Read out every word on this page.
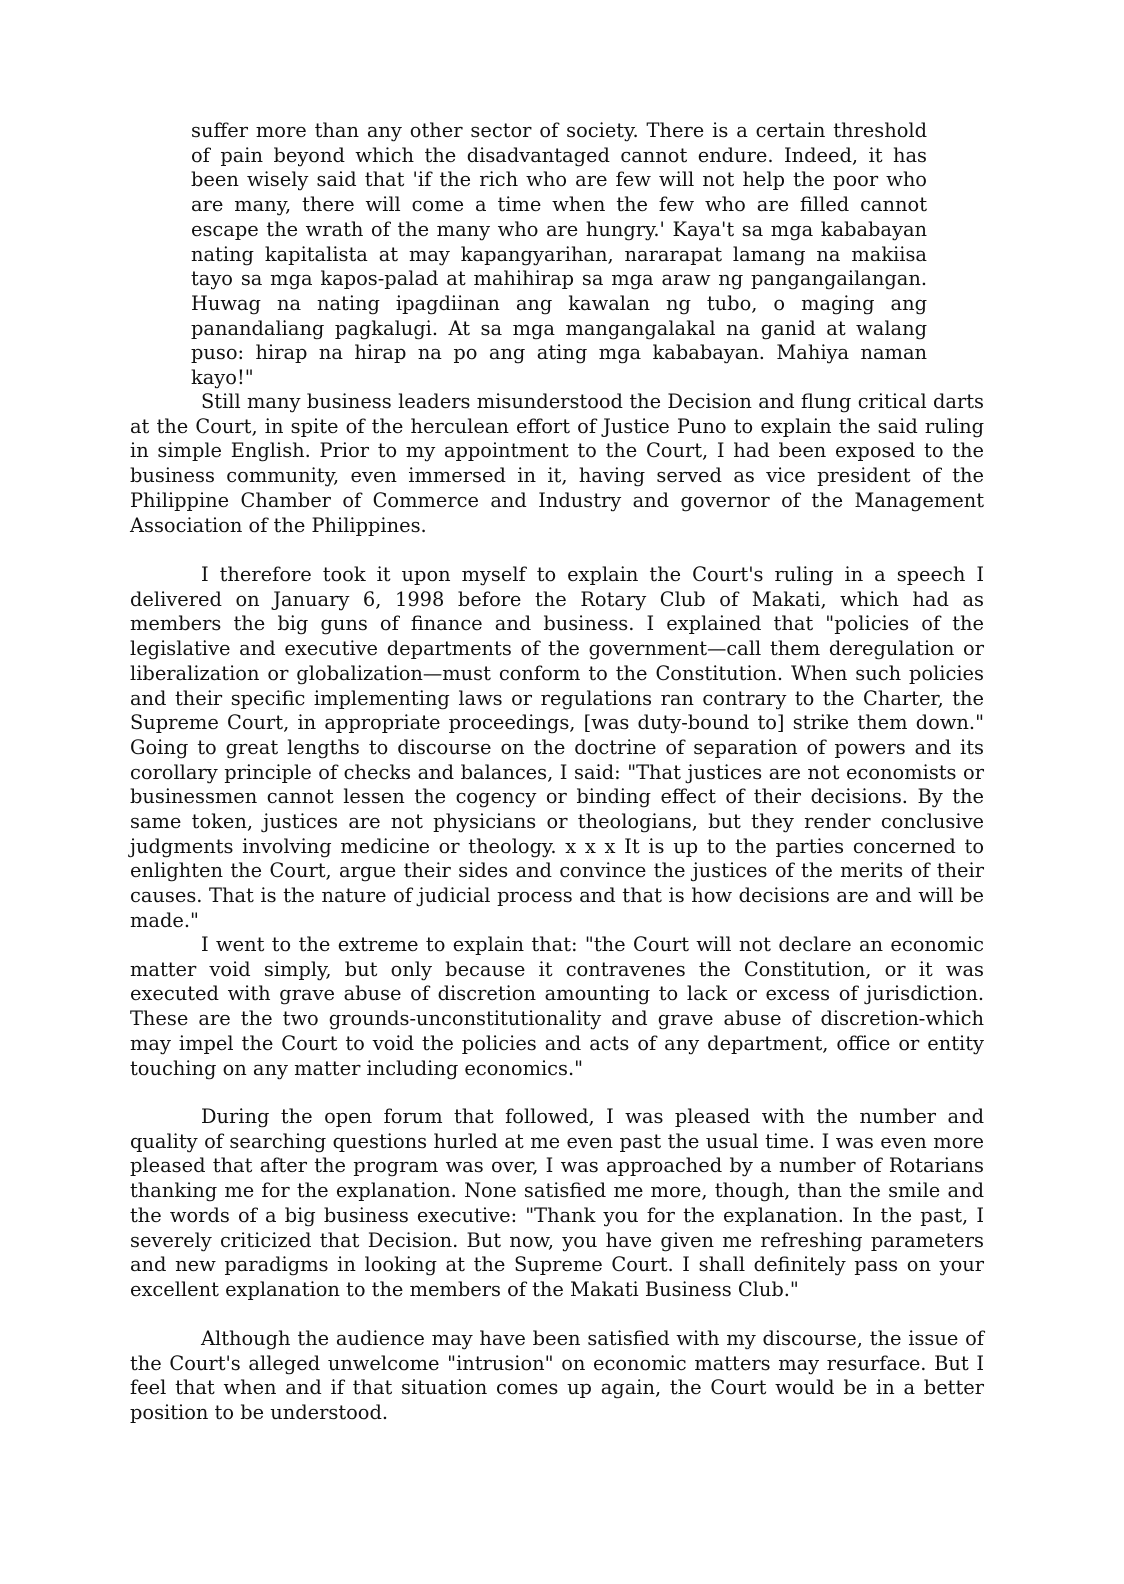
suffer more than any other sector of society. There is a certain threshold of pain beyond which the disadvantaged cannot endure. Indeed, it has been wisely said that 'if the rich who are few will not help the poor who are many, there will come a time when the few who are filled cannot escape the wrath of the many who are hungry.' Kaya't sa mga kababayan nating kapitalista at may kapangyarihan, nararapat lamang na makiisa tayo sa mga kapos-palad at mahihirap sa mga araw ng pangangailangan. Huwag na nating ipagdiinan ang kawalan ng tubo, o maging ang panandaliang pagkalugi. At sa mga mangangalakal na ganid at walang puso: hirap na hirap na po ang ating mga kababayan. Mahiya naman kayo!"

Still many business leaders misunderstood the Decision and flung critical darts at the Court, in spite of the herculean effort of Justice Puno to explain the said ruling in simple English. Prior to my appointment to the Court, I had been exposed to the business community, even immersed in it, having served as vice president of the Philippine Chamber of Commerce and Industry and governor of the Management Association of the Philippines.

I therefore took it upon myself to explain the Court's ruling in a speech I delivered on January 6, 1998 before the Rotary Club of Makati, which had as members the big guns of finance and business. I explained that "policies of the legislative and executive departments of the government—call them deregulation or liberalization or globalization—must conform to the Constitution. When such policies and their specific implementing laws or regulations ran contrary to the Charter, the Supreme Court, in appropriate proceedings, [was duty-bound to] strike them down." Going to great lengths to discourse on the doctrine of separation of powers and its corollary principle of checks and balances, I said: "That justices are not economists or businessmen cannot lessen the cogency or binding effect of their decisions. By the same token, justices are not physicians or theologians, but they render conclusive judgments involving medicine or theology. x x x It is up to the parties concerned to enlighten the Court, argue their sides and convince the justices of the merits of their causes. That is the nature of judicial process and that is how decisions are and will be made."

I went to the extreme to explain that: "the Court will not declare an economic matter void simply, but only because it contravenes the Constitution, or it was executed with grave abuse of discretion amounting to lack or excess of jurisdiction. These are the two grounds-unconstitutionality and grave abuse of discretion-which may impel the Court to void the policies and acts of any department, office or entity touching on any matter including economics."

During the open forum that followed, I was pleased with the number and quality of searching questions hurled at me even past the usual time. I was even more pleased that after the program was over, I was approached by a number of Rotarians thanking me for the explanation. None satisfied me more, though, than the smile and the words of a big business executive: "Thank you for the explanation. In the past, I severely criticized that Decision. But now, you have given me refreshing parameters and new paradigms in looking at the Supreme Court. I shall definitely pass on your excellent explanation to the members of the Makati Business Club."

Although the audience may have been satisfied with my discourse, the issue of the Court's alleged unwelcome "intrusion" on economic matters may resurface. But I feel that when and if that situation comes up again, the Court would be in a better position to be understood.
